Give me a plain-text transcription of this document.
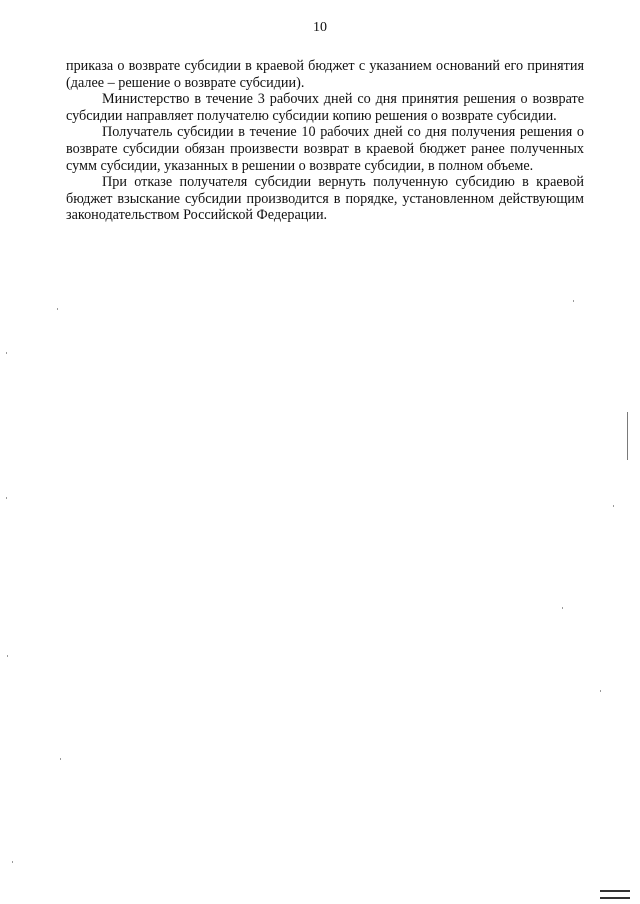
10

приказа о возврате субсидии в краевой бюджет с указанием оснований его принятия (далее – решение о возврате субсидии).

Министерство в течение 3 рабочих дней со дня принятия решения о возврате субсидии направляет получателю субсидии копию решения о возврате субсидии.

Получатель субсидии в течение 10 рабочих дней со дня получения решения о возврате субсидии обязан произвести возврат в краевой бюджет ранее полученных сумм субсидии, указанных в решении о возврате субсидии, в полном объеме.

При отказе получателя субсидии вернуть полученную субсидию в краевой бюджет взыскание субсидии производится в порядке, установленном действующим законодательством Российской Федерации.
